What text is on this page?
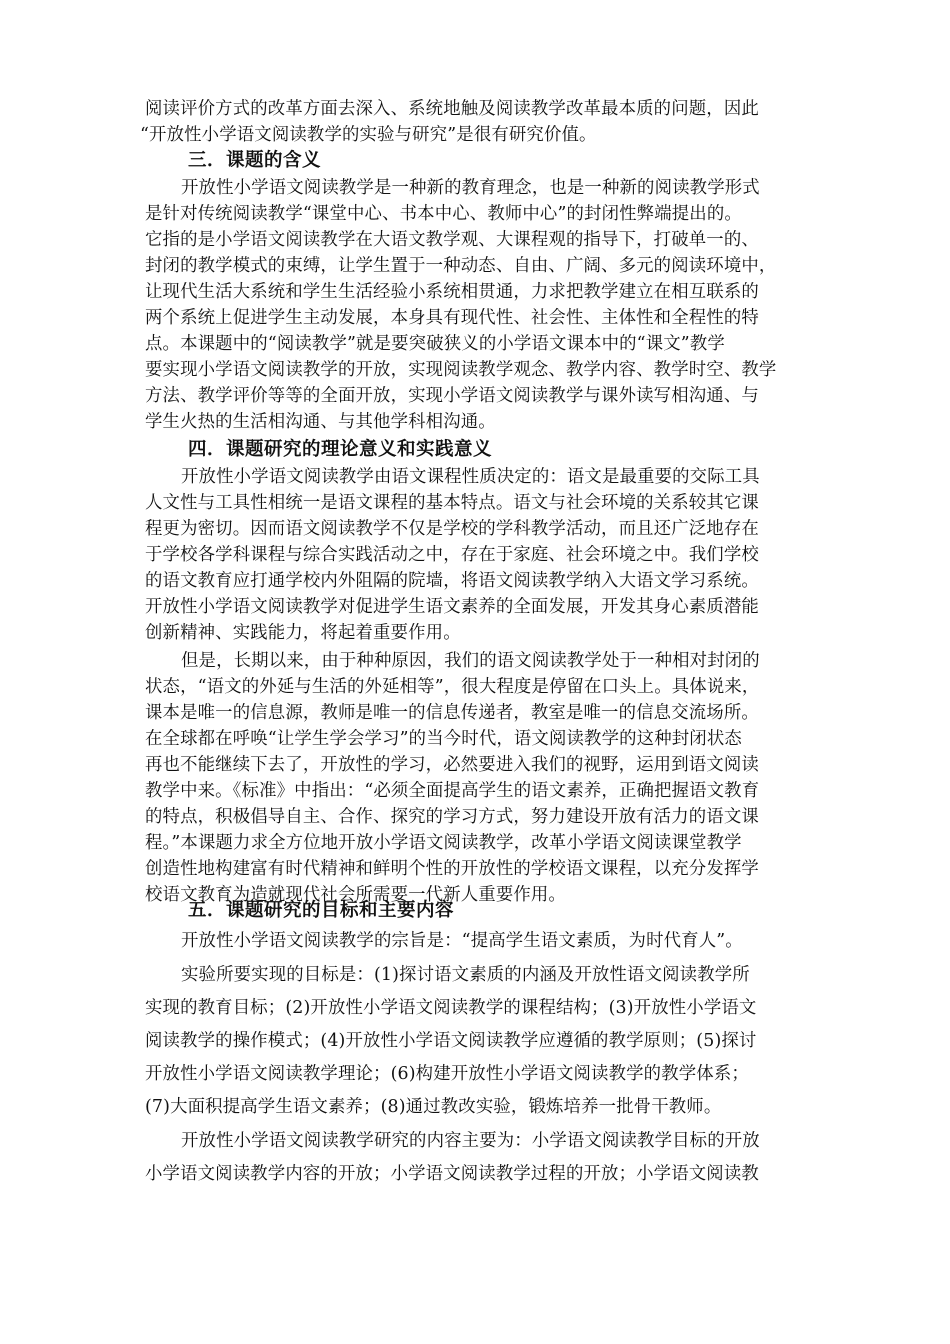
阅读评价方式的改革方面去深入、系统地触及阅读教学改革最本质的问题，因此
“开放性小学语文阅读教学的实验与研究”是很有研究价值。
三．课题的含义
开放性小学语文阅读教学是一种新的教育理念，也是一种新的阅读教学形式
是针对传统阅读教学“课堂中心、书本中心、教师中心”的封闭性弊端提出的。
它指的是小学语文阅读教学在大语文教学观、大课程观的指导下，打破单一的、
封闭的教学模式的束缚，让学生置于一种动态、自由、广阔、多元的阅读环境中，
让现代生活大系统和学生生活经验小系统相贯通，力求把教学建立在相互联系的
两个系统上促进学生主动发展，本身具有现代性、社会性、主体性和全程性的特
点。本课题中的“阅读教学”就是要突破狭义的小学语文课本中的“课文”教学
要实现小学语文阅读教学的开放，实现阅读教学观念、教学内容、教学时空、教学
方法、教学评价等等的全面开放，实现小学语文阅读教学与课外读写相沟通、与
学生火热的生活相沟通、与其他学科相沟通。
四．课题研究的理论意义和实践意义
开放性小学语文阅读教学由语文课程性质决定的：语文是最重要的交际工具
人文性与工具性相统一是语文课程的基本特点。语文与社会环境的关系较其它课
程更为密切。因而语文阅读教学不仅是学校的学科教学活动，而且还广泛地存在
于学校各学科课程与综合实践活动之中，存在于家庭、社会环境之中。我们学校
的语文教育应打通学校内外阻隔的院墙，将语文阅读教学纳入大语文学习系统。
开放性小学语文阅读教学对促进学生语文素养的全面发展，开发其身心素质潜能
创新精神、实践能力，将起着重要作用。
但是，长期以来，由于种种原因，我们的语文阅读教学处于一种相对封闭的
状态，“语文的外延与生活的外延相等”，很大程度是停留在口头上。具体说来，
课本是唯一的信息源，教师是唯一的信息传递者，教室是唯一的信息交流场所。
在全球都在呼唤“让学生学会学习”的当今时代，语文阅读教学的这种封闭状态
再也不能继续下去了，开放性的学习，必然要进入我们的视野，运用到语文阅读
教学中来。《标准》中指出：“必须全面提高学生的语文素养，正确把握语文教育
的特点，积极倡导自主、合作、探究的学习方式，努力建设开放有活力的语文课
程。”本课题力求全方位地开放小学语文阅读教学，改革小学语文阅读课堂教学
创造性地构建富有时代精神和鲜明个性的开放性的学校语文课程，以充分发挥学
校语文教育为造就现代社会所需要一代新人重要作用。
五．课题研究的目标和主要内容
开放性小学语文阅读教学的宗旨是：“提高学生语文素质，为时代育人”。
实验所要实现的目标是：(1)探讨语文素质的内涵及开放性语文阅读教学所
实现的教育目标；(2)开放性小学语文阅读教学的课程结构；(3)开放性小学语文
阅读教学的操作模式；(4)开放性小学语文阅读教学应遵循的教学原则；(5)探讨
开放性小学语文阅读教学理论；(6)构建开放性小学语文阅读教学的教学体系；
(7)大面积提高学生语文素养；(8)通过教改实验，锻炼培养一批骨干教师。
开放性小学语文阅读教学研究的内容主要为：小学语文阅读教学目标的开放
小学语文阅读教学内容的开放；小学语文阅读教学过程的开放；小学语文阅读教
